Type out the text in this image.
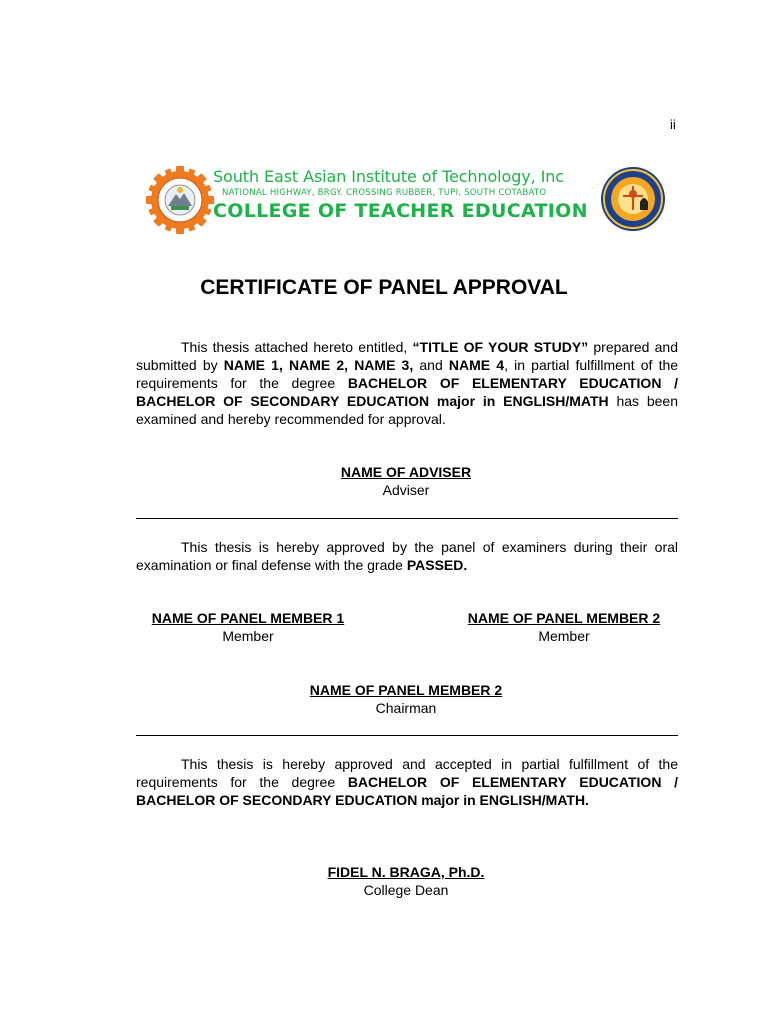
ii
South East Asian Institute of Technology, Inc
NATIONAL HIGHWAY, BRGY. CROSSING RUBBER, TUPI, SOUTH COTABATO
COLLEGE OF TEACHER EDUCATION
CERTIFICATE OF PANEL APPROVAL
This thesis attached hereto entitled, “TITLE OF YOUR STUDY” prepared and submitted by NAME 1, NAME 2, NAME 3, and NAME 4, in partial fulfillment of the requirements for the degree BACHELOR OF ELEMENTARY EDUCATION / BACHELOR OF SECONDARY EDUCATION major in ENGLISH/MATH has been examined and hereby recommended for approval.
NAME OF ADVISER
Adviser
This thesis is hereby approved by the panel of examiners during their oral examination or final defense with the grade PASSED.
NAME OF PANEL MEMBER 1
Member
NAME OF PANEL MEMBER 2
Member
NAME OF PANEL MEMBER 2
Chairman
This thesis is hereby approved and accepted in partial fulfillment of the requirements for the degree BACHELOR OF ELEMENTARY EDUCATION / BACHELOR OF SECONDARY EDUCATION major in ENGLISH/MATH.
FIDEL N. BRAGA, Ph.D.
College Dean
